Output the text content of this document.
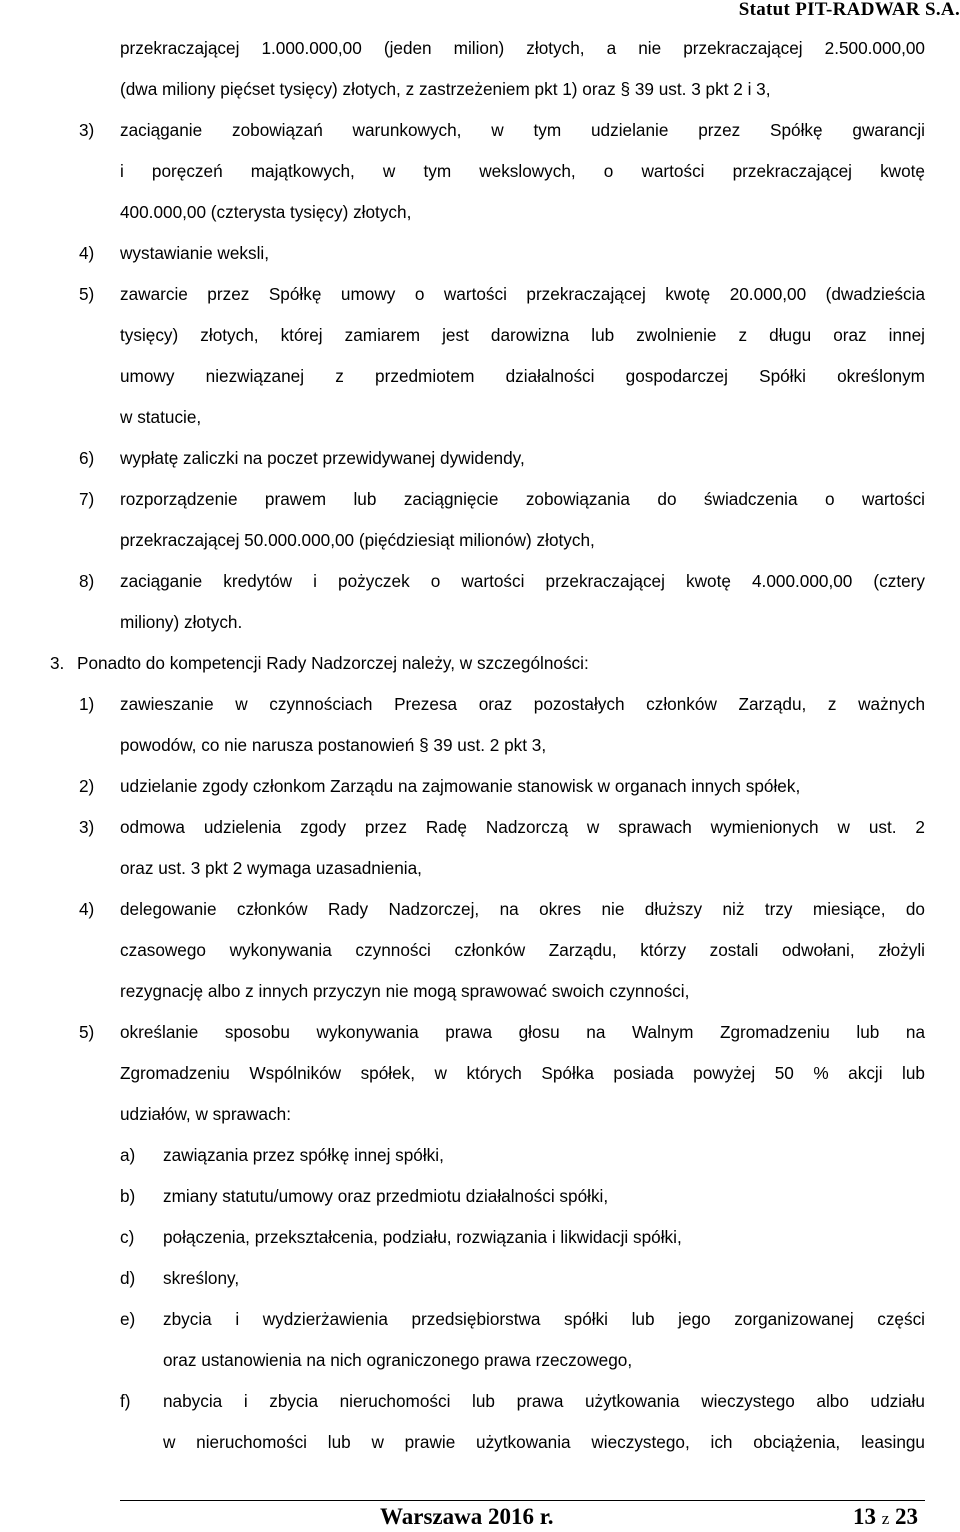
Statut PIT-RADWAR S.A.
przekraczającej 1.000.000,00 (jeden milion) złotych, a nie przekraczającej 2.500.000,00
(dwa miliony pięćset tysięcy) złotych, z zastrzeżeniem pkt 1) oraz § 39 ust. 3 pkt 2 i 3,
3) zaciąganie zobowiązań warunkowych, w tym udzielanie przez Spółkę gwarancji
i poręczeń majątkowych, w tym wekslowych, o wartości przekraczającej kwotę
400.000,00 (czterysta tysięcy) złotych,
4) wystawianie weksli,
5) zawarcie przez Spółkę umowy o wartości przekraczającej kwotę 20.000,00 (dwadzieścia
tysięcy) złotych, której zamiarem jest darowizna lub zwolnienie z długu oraz innej
umowy niezwiązanej z przedmiotem działalności gospodarczej Spółki określonym
w statucie,
6) wypłatę zaliczki na poczet przewidywanej dywidendy,
7) rozporządzenie prawem lub zaciągnięcie zobowiązania do świadczenia o wartości
przekraczającej 50.000.000,00 (pięćdziesiąt milionów) złotych,
8) zaciąganie kredytów i pożyczek o wartości przekraczającej kwotę 4.000.000,00 (cztery
miliony) złotych.
3. Ponadto do kompetencji Rady Nadzorczej należy, w szczególności:
1) zawieszanie w czynnościach Prezesa oraz pozostałych członków Zarządu, z ważnych
powodów, co nie narusza postanowień § 39 ust. 2 pkt 3,
2) udzielanie zgody członkom Zarządu na zajmowanie stanowisk w organach innych spółek,
3) odmowa udzielenia zgody przez Radę Nadzorczą w sprawach wymienionych w ust. 2
oraz ust. 3 pkt 2 wymaga uzasadnienia,
4) delegowanie członków Rady Nadzorczej, na okres nie dłuższy niż trzy miesiące, do
czasowego wykonywania czynności członków Zarządu, którzy zostali odwołani, złożyli
rezygnację albo z innych przyczyn nie mogą sprawować swoich czynności,
5) określanie sposobu wykonywania prawa głosu na Walnym Zgromadzeniu lub na
Zgromadzeniu Wspólników spółek, w których Spółka posiada powyżej 50 % akcji lub
udziałów, w sprawach:
a) zawiązania przez spółkę innej spółki,
b) zmiany statutu/umowy oraz przedmiotu działalności spółki,
c) połączenia, przekształcenia, podziału, rozwiązania i likwidacji spółki,
d) skreślony,
e) zbycia i wydzierżawienia przedsiębiorstwa spółki lub jego zorganizowanej części
oraz ustanowienia na nich ograniczonego prawa rzeczowego,
f) nabycia i zbycia nieruchomości lub prawa użytkowania wieczystego albo udziału
w nieruchomości lub w prawie użytkowania wieczystego, ich obciążenia, leasingu
Warszawa 2016 r.	13 z 23
